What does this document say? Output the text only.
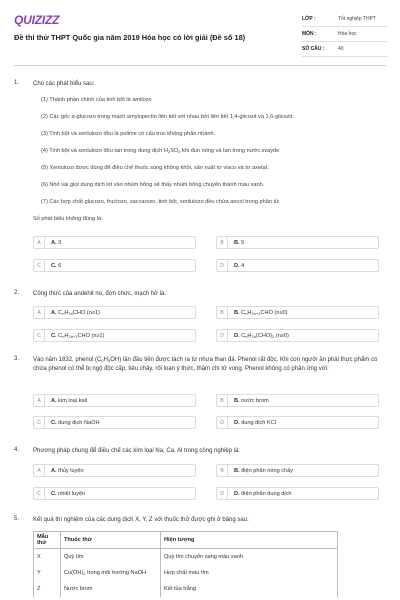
QUIZIZZ
Đề thi thử THPT Quốc gia năm 2019 Hóa học có lời giải (Đề số 18)
LỚP :	Tốt nghiệp THPT
MÔN :	Hóa học
SỐ CÂU :	40
1. Cho các phát biểu sau:
(1) Thành phần chính của tinh bột là amilozo
(2) Các gốc α-glucozo trong mạch amylopectin liên kết với nhau bởi liên kết 1,4-glicozit và 1,6-glicozit.
(3) Tinh bột và xenlulozo đều là polime có cấu trúc không phân nhánh.
(4) Tinh bột và xenlulozo đều tan trong dung dịch $H_2SO_4$ khi đun nóng và tan trong nước svayde
(5) Xenlulozo được dùng để điều chế thuốc súng không khói, sản xuất tơ visco và tơ axetat.
(6) Nhỏ vài giọt dung dịch iot vào nhúm bông sẽ thấy nhúm bông chuyển thành màu xanh.
(7) Các hợp chất glucozo, fructozo, saccarozo, tinh bột, xenlulozo đều chứa ancol trong phân tử.
Số phát biểu không đúng là:
A	A. 3	B	B. 5
C	C. 6	D	D. 4
2. Công thức của andehit no, đơn chức, mạch hở là:
A	A. $C_nH_{2n}CHO$ (n≥1)	B	B. $C_nH_{2n+1}CHO$ (n≥0)
C	C. $C_nH_{2n+1}CHO$ (n≥1)	D	D. $C_nH_{2n}(CHO)_2$ (n≥0)
3. Vào năm 1832, phenol $(C_6H_5OH)$ lần đầu tiên được tách ra từ nhựa than đá. Phenol rất độc. Khi con người ăn phải thực phẩm có chứa phenol có thể bị ngộ độc cấp, tiêu chảy, rối loạn ý thức, thậm chí tử vong. Phenol không có phản ứng với:
A	A. kim loại kali	B	B. nước brom
C	C. dung dịch NaOH	D	D. dung dịch KCl
4. Phương pháp chung để điều chế các kim loại Na, Ca, Al trong công nghiệp là:
A	A. thủy luyện	B	B. điện phân nóng chảy
C	C. nhiệt luyện	D	D. điện phân dung dịch
5. Kết quả thí nghiệm của các dung dịch X, Y, Z với thuốc thử được ghi ở bảng sau:
Mẫu thử	Thuốc thử	Hiện tượng
X	Quỳ tím	Quỳ tím chuyển sang màu xanh
Y	$Cu(OH)_2$ trong môi trường NaOH	Hợp chất màu tím
Z	Nước brom	Kết tủa trắng
